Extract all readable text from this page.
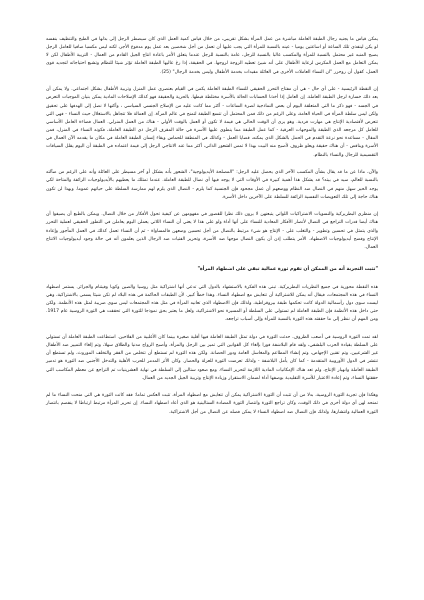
يمكن قياس ما يجنيه رجال الطبقة العاملة مباشرة من عمل المرأة بشكل تقريبي، من خلال قياس كمية العمل الذي كان سيضطر الرجل إلى بذلها في الطبخ والتنظيف بنفسه لو يكن لينفذي تلك الساعة أو اساعتين يوميا - عينه بالنسبة للمرأة التي يجب عليها أن تعمل من أجل شخصين بعد عمل يوم مدفوع الأجر، لكنه ليس مكسبا صافيا للعامل الرجل يصبح المنبه غير محتمل بالنسبة للمرأة والمكسب غالبا بالنسبة للرجل، عامة بالنسبة للرجل عندما يتعلق الأمر باعادة انتاج الجيل القادم من العمال - التربية الأطفال لكن لا يمكن التعامل مع العمل المكرس لرعاية الأطفال على أنه شيئ تعطيه الزوجة لزوجها. في الحقيقة، إذا رغ عاليها الطبقة العاملة تؤثر شيئا للنظام وتشبع احتياجاته لتجديد قوى العمل، كقول أن روحزر "ان النساء العاملات الأخرى في العائلة مقيدات بخدمة الأطفال وليس بخدمة الرجال" (25).

إن النقطة الرئيسية - على أي حال - هي أن مفتاح التحرر الحقيقي للنساء الطبقة العاملة يكمن في القيام بعنصري عمل المنزل وتربية الأطفال بشكل اجتماعي. ولا يمكن أن يعد ذلك خسارة لرجل الطبقة العاملة. إن العامل إذا أخذنا الحسابات الحالة بالأسرة مختلطة قبطها. بالحرية والحقيقة فهو كذلك الإصلاحات المادية يمكن بنيان الموجبات التعرض في الجسد - فهو ذكر ما التي المتعلقة اليوم أن بعض النماذجية لصرة الساعات - أكثر مما كانت عليه من الإصلاح الجنسي السياسي ، وأكنها لا نصل إلى الهدفها على تحقيق ولكن ليس سلطة المرأة في الحياة العامة، وعلى الرغم من ذلك فمن المحتمل أن تتسع الطبقة لتمنح في عالم المرآة. إن العمالة فلا تتجاهل بالاستغلال حيث النساء - فهي التي تتعرض لأقتصادية الإنتاج هي مهارت فردية. وهو يرى أن الوقت الحالي هي قيمة لا تكون أو العمل بالوقت الأولي - هناك من العمل المنزلي. العمال فضاءة العامل الأساسي للعامل كل مرجعه الذي الطبقة والموجهات العرقية - كما عمل الطبقة مما ينطوي عليها الأسرة في حالة المقرف الرجل ذي الطبقة العاملة، فكونه النساء في المنزل، فمن المقال - مساعدة نحو نزعة التقدم في الحمل بالشكل الذي يمكنه، قضايا العمل - وكذلك في المنطقة للحماس وبقاء إنسان الطبقة العاملة في مكان ما يقدمه الآن العمال في الأسرة ويناقض - أن هناك حقيقة ويعلو ظروف لأصبح منه البيت بهذا لا تمس الشعور الذاتي، أكثر مما عند الانتاجي الرجل إلى قيمة اعتماده في الطبقة أن اليوم يقلل السياقات التقسيمية للرجال والنساء بالنظام.

والآن، ماذا عن ما قد يقال بشأن المكسب الآخر الذي يحصل عليه الرجل: "المصلحة الأيديولوجية"، الشعور بأنه بشكل أو آخر مسيطر على العائلة وأنه على الرغم من ضآلته بالنسبة للعالم، سيد في بيته؟ قد يشكل هذا أهمية كبيرة في الأوقات التي لا يوجد فيها أي نضال للطبقة العاملة. عندما تمتلك ما يعطيهم بالأيديولوجيات الزائفة والمتاحة لكي يوجد الحيز سهل منهم في النضال ضد النظام ووضعهم أن عمل مجحود فإن الجنسية كما يلزم - النضال الذي يلزم لهم ممارسة السلطة على حياتهم عموما. وبهذا لن تكون هناك حاجة إلى تلك التعويضات النفسية الزائفة للسلطة على الآخرين داخل الأسرة.

إن منظري البطريركية والنسويات الاشتراكيات اللواتي يتبعنهن لا يرون ذلك نظرا للقصور في مفهومهن عن كيفية تحول الأفكار من خلال النضال. ويمكن بالطبع أن يضيفوا أن هناك أيضا قدرات التراجع في النضال لأنصار الأفكار المعادية للنساء على أنها أداة ولو على هذا لا يعني أن النساء اللاتي يعملن اليوم يعاملن في التطور الحقيقي لعملية التحرر والذي يتمثل في تحسين وتطوير - والتغلب على - الإنتاج هو شيء مرتبط بالنضال من أجل تحسين وضعهن فالمساواة - ثم أن النساء تعمل كذلك في العمل المأجور وإعادة الإنتاج وفضح أيديولوجيات الاضطهاد. الأمر يتطلب إذن أن يكون النضال موجها ضد الأسرة، وتحرير الفتيات ضد الرجال الذين يعلمون أنه في حالة وجود أيديولوجيات الانتاج العمال.

"تثبت التجربة أنه من الممكن أن تقوم ثورة عمالية تبقي على اضطهاد المرأة"

هذه النقطة محورية في جميع النظريات البطريركية. تبنى هذه الفكرة بالاستشهاد بالدول التي تدعي أنها اشتراكية مثل روسيا والصين وكوبا وفيتنام والجزائر. يستمر اضطهاد النساء في هذه المجتمعات، فيقال أنه يمكن للاشتراكية أن تتعايش مع اضطهاد النساء. وهذا خطأ كبير. لأن الطبقات الحاكمة في هذه البلاد لم تكن شيئا يسمى بالاشتراكية، وهي ليست سوى دول رأسمالية الدولة كانت تحكمها طبقة بيروقراطية، ولذلك فإن الاضطهاد الذي تعانيه المرأة في مثل هذه المجتمعات ليس سوى ضريبة لمثل هذه الأنظمة. ولكن حتى داخل هذه الأنظمة فإن الطبقة العاملة لم تستولي على السلطة أو المسيرة نحو الاشتراكية، ولعل ما يعتبر بحق نموذجا للثورة التي تحققت هي الثورة الروسية عام 1917. ومن المهم أن ننظر إلى ما حققته هذه الثورة بالنسبة للمرأة وإلى أسباب تراجعه.

لقد تمت الثورة الروسية في أصعب الظروف. حدثت الثورة في دولة تمثل الطبقة العاملة فيها أقلية صغيرة بينما كان الأغلبية من الفلاحين. استطاعت الطبقة العاملة أن تستولي على السلطة بقيادة الحزب البلشفي، ولقد قام البلاشفة فورا بإلغاء كل القوانين التي تميز بين الرجل والمرأة، وأصبح الزواج مدنيا والطلاق سهلا، وتم إلغاء التمييز ضد الأطفال غير الشرعيين، وتم تقنين الإجهاض، وتم إنشاء المطاعم والمغاسل العامة ودور الحضانة. ولكن هذه الثورة لم تستطع أن تتخلص من الفقر والتخلف الموروث، ولم تستطع أن تنتشر في الدول الأوروبية المتقدمة - كما كان يأمل البلاشفة - ولذلك تعرضت الثورة للعزلة والحصار. وكان الأثر المدمر للحرب الأهلية والتدخل الأجنبي ضد الثورة هو تدمير الطبقة العاملة وانهيار الإنتاج، ولم تعد هناك الإمكانيات المادية اللازمة لتحرير النساء. ومع صعود ستالين إلى السلطة في نهاية العشرينيات تم التراجع عن معظم المكاسب التي حققتها النساء، وتم إعادة الاعتبار للأسرة التقليدية بوصفها أداة لضمان الاستقرار وزيادة الإنتاج وتربية الجيل الجديد من العمال.

وهكذا فإن تجربة الثورة الروسية، بدلا من أن تثبت أن الثورة الاشتراكية يمكن أن تتعايش مع اضطهاد المرأة، تثبت العكس تماما: فقد كانت الثورة هي التي منحت النساء ما لم تمنحه لهن أي دولة أخرى في ذلك الوقت، وكان تراجع الثورة وانتصار الثورة المضادة الستالينية هو الذي أعاد اضطهاد النساء. إن تحرير المرأة مرتبط ارتباطا لا ينفصم بانتصار الثورة العمالية وانتشارها، ولذلك فإن النضال ضد اضطهاد النساء لا يمكن فصله عن النضال من أجل الاشتراكية.
